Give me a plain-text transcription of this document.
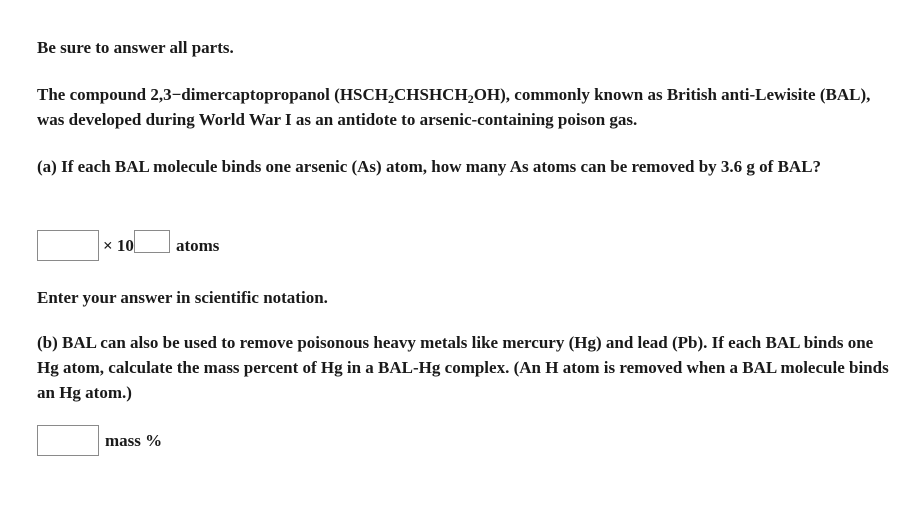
Be sure to answer all parts.

The compound 2,3−dimercaptopropanol $(HSCH_2CHSHCH_2OH)$, commonly known as British anti-Lewisite (BAL), was developed during World War I as an antidote to arsenic-containing poison gas.

(a) If each BAL molecule binds one arsenic (As) atom, how many As atoms can be removed by 3.6 g of BAL?

× 10 atoms

Enter your answer in scientific notation.

(b) BAL can also be used to remove poisonous heavy metals like mercury (Hg) and lead (Pb). If each BAL binds one Hg atom, calculate the mass percent of Hg in a BAL-Hg complex. (An H atom is removed when a BAL molecule binds an Hg atom.)

mass %
